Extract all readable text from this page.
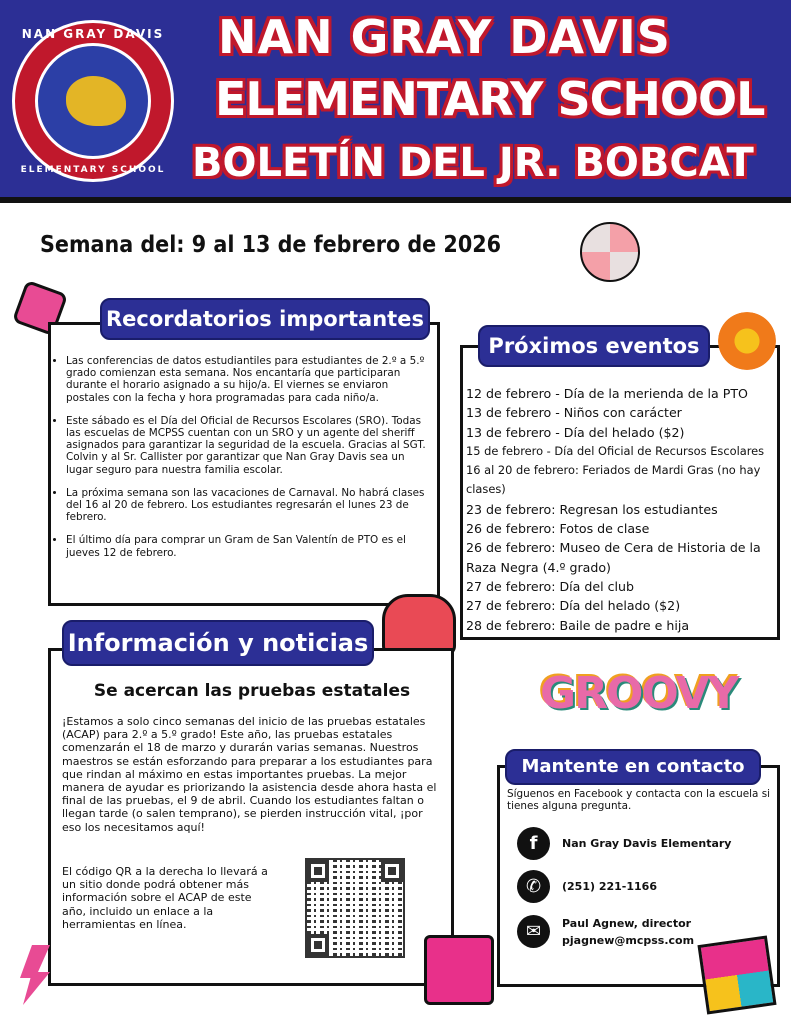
NAN GRAY DAVIS
ELEMENTARY SCHOOL
NAN GRAY DAVIS
ELEMENTARY SCHOOL
BOLETÍN DEL JR. BOBCAT
Semana del: 9 al 13 de febrero de 2026
Recordatorios importantes
• Las conferencias de datos estudiantiles para estudiantes de 2.º a 5.º grado comienzan esta semana. Nos encantaría que participaran durante el horario asignado a su hijo/a. El viernes se enviaron postales con la fecha y hora programadas para cada niño/a.
• Este sábado es el Día del Oficial de Recursos Escolares (SRO). Todas las escuelas de MCPSS cuentan con un SRO y un agente del sheriff asignados para garantizar la seguridad de la escuela. Gracias al SGT. Colvin y al Sr. Callister por garantizar que Nan Gray Davis sea un lugar seguro para nuestra familia escolar.
• La próxima semana son las vacaciones de Carnaval. No habrá clases del 16 al 20 de febrero. Los estudiantes regresarán el lunes 23 de febrero.
• El último día para comprar un Gram de San Valentín de PTO es el jueves 12 de febrero.
Próximos eventos
12 de febrero - Día de la merienda de la PTO
13 de febrero - Niños con carácter
13 de febrero - Día del helado ($2)
15 de febrero - Día del Oficial de Recursos Escolares
16 al 20 de febrero: Feriados de Mardi Gras (no hay clases)
23 de febrero: Regresan los estudiantes
26 de febrero: Fotos de clase
26 de febrero: Museo de Cera de Historia de la Raza Negra (4.º grado)
27 de febrero: Día del club
27 de febrero: Día del helado ($2)
28 de febrero: Baile de padre e hija
GROOVY
Información y noticias
Se acercan las pruebas estatales
¡Estamos a solo cinco semanas del inicio de las pruebas estatales (ACAP) para 2.º a 5.º grado! Este año, las pruebas estatales comenzarán el 18 de marzo y durarán varias semanas. Nuestros maestros se están esforzando para preparar a los estudiantes para que rindan al máximo en estas importantes pruebas. La mejor manera de ayudar es priorizando la asistencia desde ahora hasta el final de las pruebas, el 9 de abril. Cuando los estudiantes faltan o llegan tarde (o salen temprano), se pierden instrucción vital, ¡por eso los necesitamos aquí!
El código QR a la derecha lo llevará a un sitio donde podrá obtener más información sobre el ACAP de este año, incluido un enlace a la herramientas en línea.
Mantente en contacto
Síguenos en Facebook y contacta con la escuela si tienes alguna pregunta.
f	Nan Gray Davis Elementary
✆	(251) 221-1166
✉	Paul Agnew, director
pjagnew@mcpss.com
